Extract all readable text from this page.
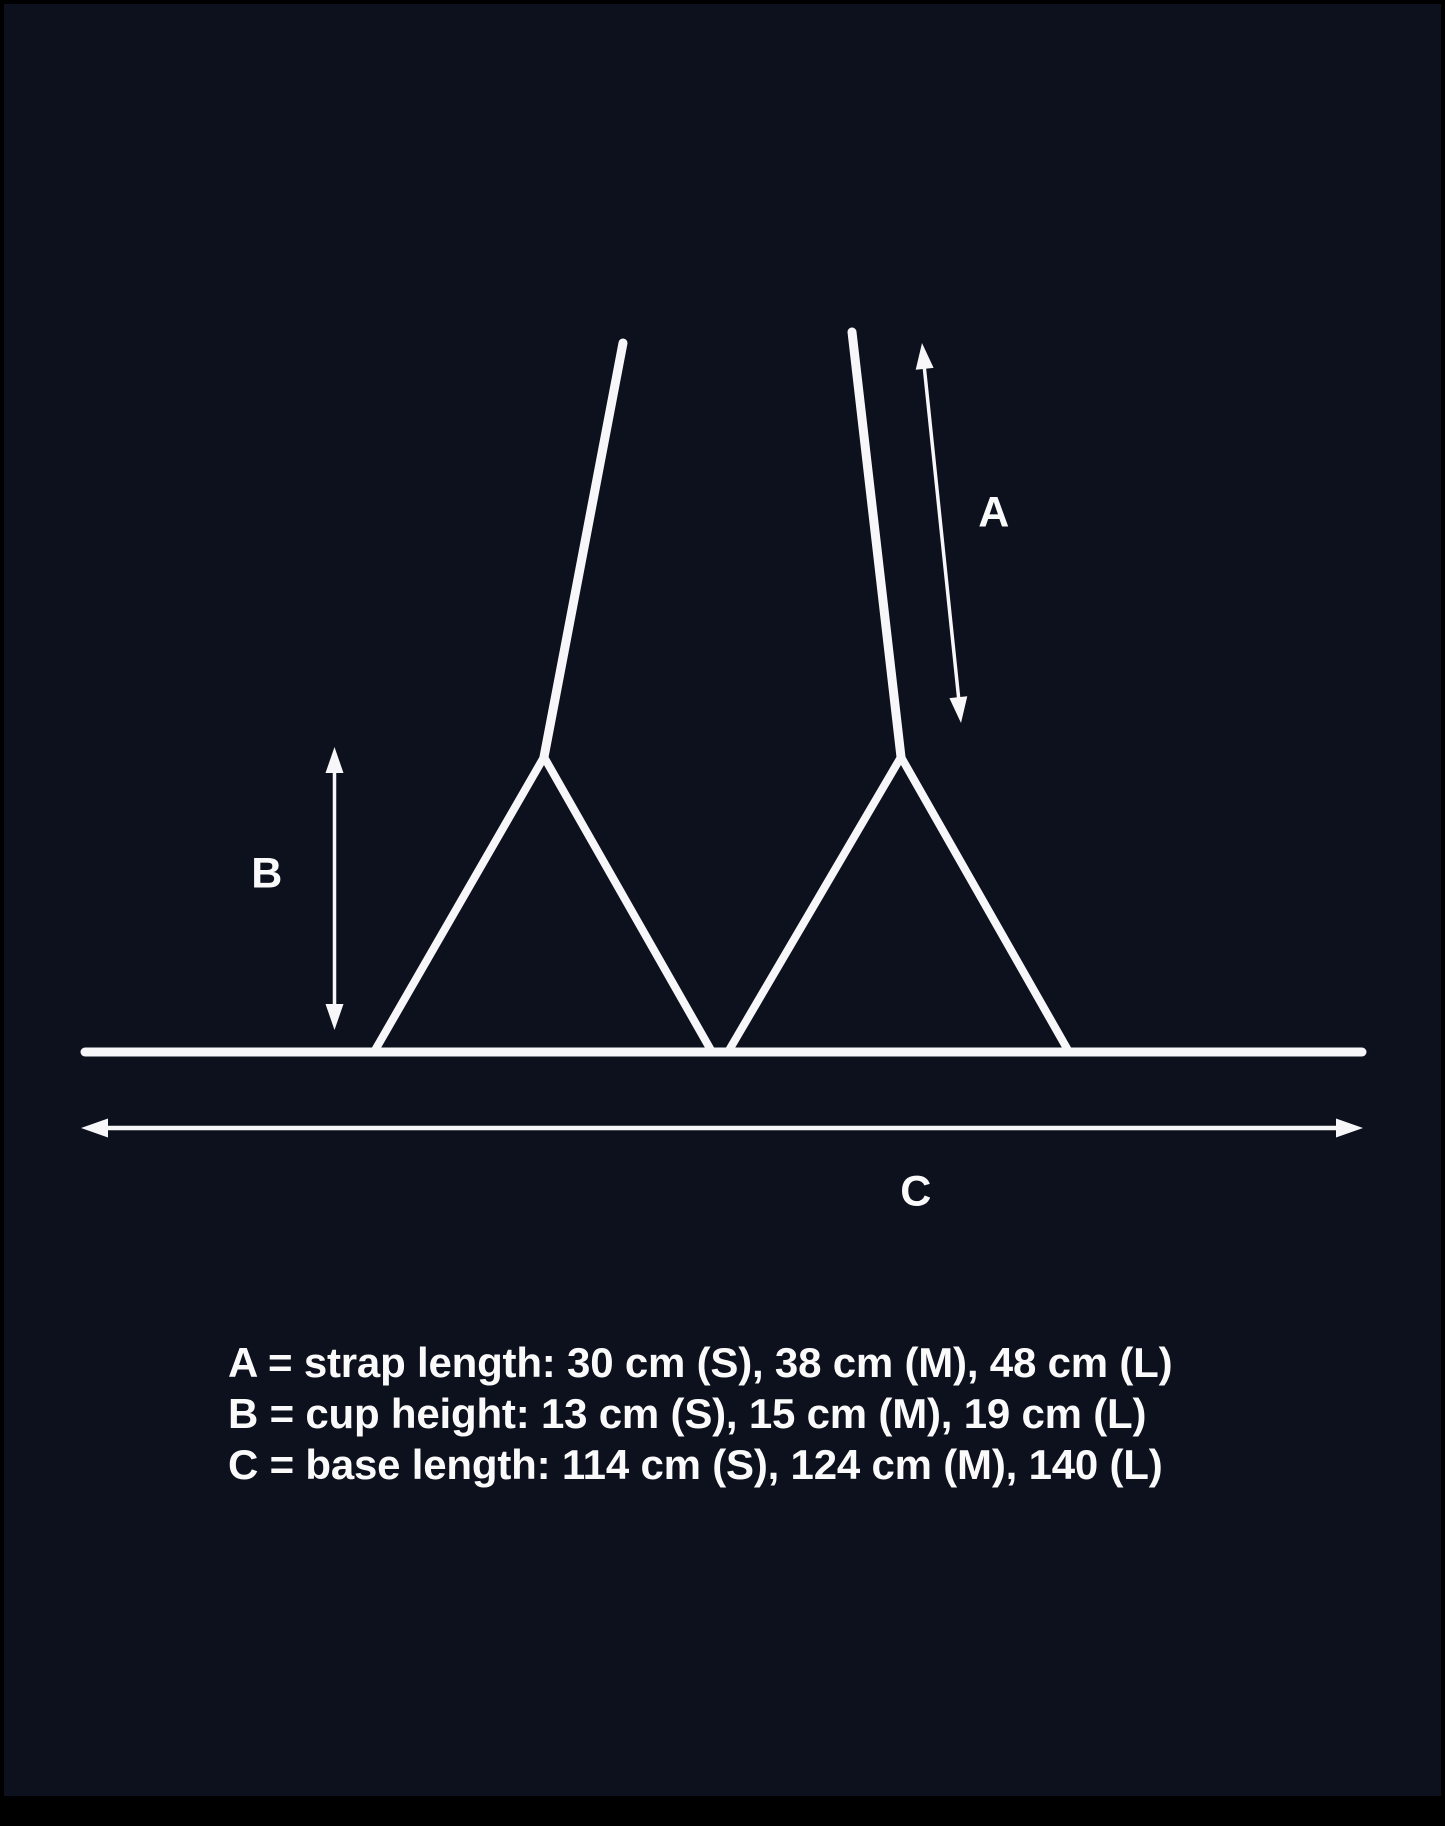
A
B
C
A = strap length: 30 cm (S), 38 cm (M), 48 cm (L)
B = cup height: 13 cm (S), 15 cm (M), 19 cm (L)
C = base length: 114 cm (S), 124 cm (M), 140 (L)
